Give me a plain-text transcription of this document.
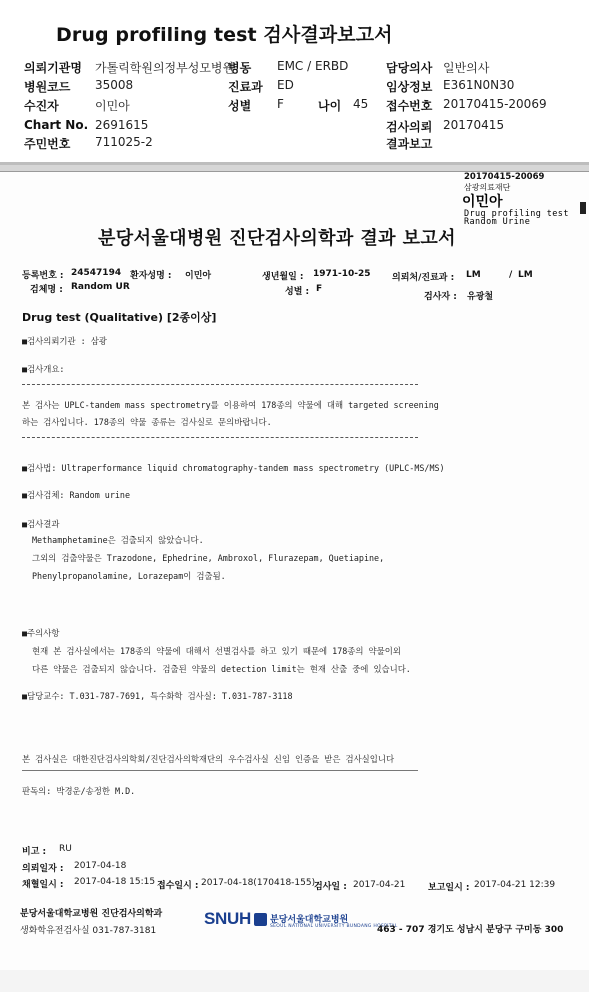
Drug profiling test 검사결과보고서
의뢰기관명 가톨릭학원의정부성모병원
병동 EMC / ERBD	담당의사 일반의사
병원코드 35008	진료과 ED	임상정보 E361N0N30
수진자	이민아	성별 F	나이 45 접수번호 20170415-20069
Chart No. 2691615	검사의뢰 20170415
주민번호 711025-2	결과보고
20170415-20069
삼광의료재단
이민아
Drug profiling test
Random Urine
분당서울대병원 진단검사의학과 결과 보고서
등록번호 : 24547194 환자성명 : 이민아	생년월일 : 1971-10-25 의뢰처/진료과 : LM	/ LM
검체명 : Random UR	성별 : F
검사자 : 유광철
Drug test (Qualitative) [2종이상]
■검사의뢰기관 : 삼광
■검사개요:
본 검사는 UPLC-tandem mass spectrometry를 이용하여 178종의 약물에 대해 targeted screening
하는 검사입니다. 178종의 약물 종류는 검사실로 문의바랍니다.
■검사법: Ultraperformance liquid chromatography-tandem mass spectrometry (UPLC-MS/MS)
■검사검체: Random urine
■검사결과
Methamphetamine은 검출되지 않았습니다.
그외의 검출약물은 Trazodone, Ephedrine, Ambroxol, Flurazepam, Quetiapine,
Phenylpropanolamine, Lorazepam이 검출됨.
■주의사항
현재 본 검사실에서는 178종의 약물에 대해서 선별검사를 하고 있기 때문에 178종의 약물이외
다른 약물은 검출되지 않습니다. 검출된 약물의 detection limit는 현재 산출 중에 있습니다.
■담당교수: T.031-787-7691, 특수화학 검사실: T.031-787-3118
본 검사실은 대한진단검사의학회/진단검사의학재단의 우수검사실 신임 인증을 받은 검사실입니다
판독의: 박경운/송정한 M.D.
비고 : RU
의뢰일자 : 2017-04-18
채혈일시 : 2017-04-18 15:15 접수일시 : 2017-04-18(170418-155)
검사일 : 2017-04-21	보고일시 : 2017-04-21 12:39
분당서울대학교병원 진단검사의학과
생화학유전검사실 031-787-3181
SNUH 분당서울대학교병원
SEOUL NATIONAL UNIVERSITY BUNDANG HOSPITAL
463 - 707 경기도 성남시 분당구 구미동 300
